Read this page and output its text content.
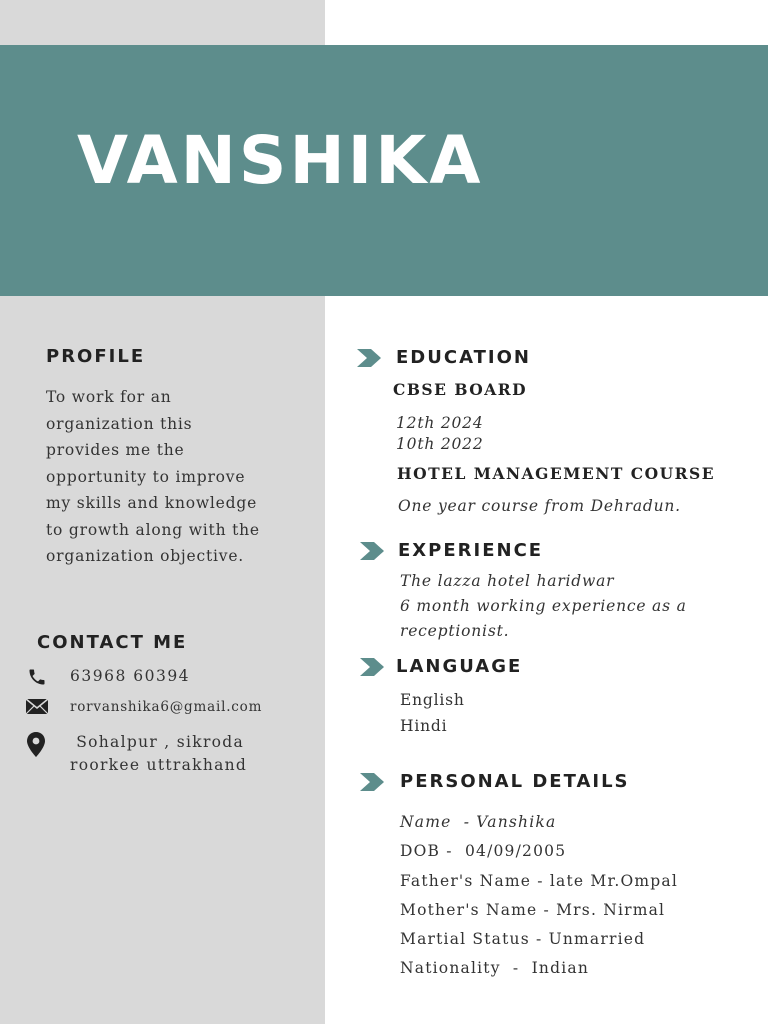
VANSHIKA
PROFILE
To work for an
organization this
provides me the
opportunity to improve
my skills and knowledge
to growth along with the
organization objective.
CONTACT ME
63968 60394
rorvanshika6@gmail.com
Sohalpur , sikroda
roorkee uttrakhand
EDUCATION
CBSE BOARD
12th 2024
10th 2022
HOTEL MANAGEMENT COURSE
One year course from Dehradun.
EXPERIENCE
The lazza hotel haridwar
6 month working experience as a
receptionist.
LANGUAGE
English
Hindi
PERSONAL DETAILS
Name  - Vanshika
DOB -  04/09/2005
Father's Name - late Mr.Ompal
Mother's Name - Mrs. Nirmal
Martial Status - Unmarried
Nationality  -  Indian
